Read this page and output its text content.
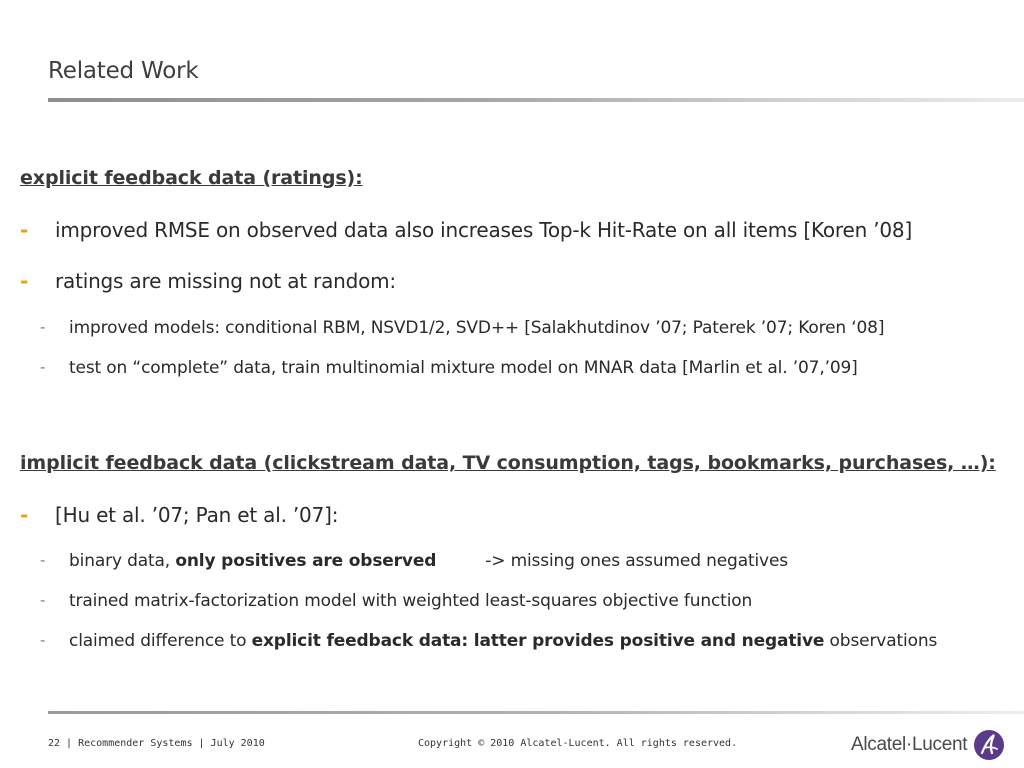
Related Work
explicit feedback data (ratings):
- improved RMSE on observed data also increases Top-k Hit-Rate on all items [Koren ’08]
- ratings are missing not at random:
- improved models: conditional RBM, NSVD1/2, SVD++ [Salakhutdinov ’07; Paterek ’07; Koren ‘08]
- test on “complete” data, train multinomial mixture model on MNAR data [Marlin et al. ’07,’09]
implicit feedback data (clickstream data, TV consumption, tags, bookmarks, purchases, …):
- [Hu et al. ’07; Pan et al. ’07]:
- binary data, only positives are observed	-> missing ones assumed negatives
- trained matrix-factorization model with weighted least-squares objective function
- claimed difference to explicit feedback data: latter provides positive and negative observations
22 | Recommender Systems | July 2010	Copyright © 2010 Alcatel-Lucent. All rights reserved.	Alcatel·Lucent
